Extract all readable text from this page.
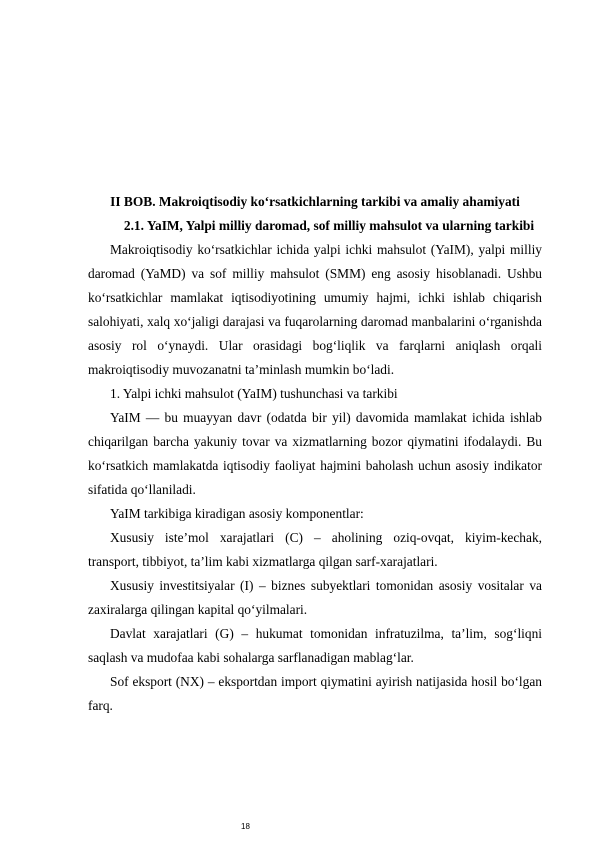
II BOB. Makroiqtisodiy ko‘rsatkichlarning tarkibi va amaliy ahamiyati

2.1. YaIM, Yalpi milliy daromad, sof milliy mahsulot va ularning tarkibi

Makroiqtisodiy ko‘rsatkichlar ichida yalpi ichki mahsulot (YaIM), yalpi milliy daromad (YaMD) va sof milliy mahsulot (SMM) eng asosiy hisoblanadi. Ushbu ko‘rsatkichlar mamlakat iqtisodiyotining umumiy hajmi, ichki ishlab chiqarish salohiyati, xalq xo‘jaligi darajasi va fuqarolarning daromad manbalarini o‘rganishda asosiy rol o‘ynaydi. Ular orasidagi bog‘liqlik va farqlarni aniqlash orqali makroiqtisodiy muvozanatni ta’minlash mumkin bo‘ladi.

1. Yalpi ichki mahsulot (YaIM) tushunchasi va tarkibi

YaIM — bu muayyan davr (odatda bir yil) davomida mamlakat ichida ishlab chiqarilgan barcha yakuniy tovar va xizmatlarning bozor qiymatini ifodalaydi. Bu ko‘rsatkich mamlakatda iqtisodiy faoliyat hajmini baholash uchun asosiy indikator sifatida qo‘llaniladi.

YaIM tarkibiga kiradigan asosiy komponentlar:

Xususiy iste’mol xarajatlari (C) – aholining oziq-ovqat, kiyim-kechak, transport, tibbiyot, ta’lim kabi xizmatlarga qilgan sarf-xarajatlari.

Xususiy investitsiyalar (I) – biznes subyektlari tomonidan asosiy vositalar va zaxiralarga qilingan kapital qo‘yilmalari.

Davlat xarajatlari (G) – hukumat tomonidan infratuzilma, ta’lim, sog‘liqni saqlash va mudofaa kabi sohalarga sarflanadigan mablag‘lar.

Sof eksport (NX) – eksportdan import qiymatini ayirish natijasida hosil bo‘lgan farq.

18
